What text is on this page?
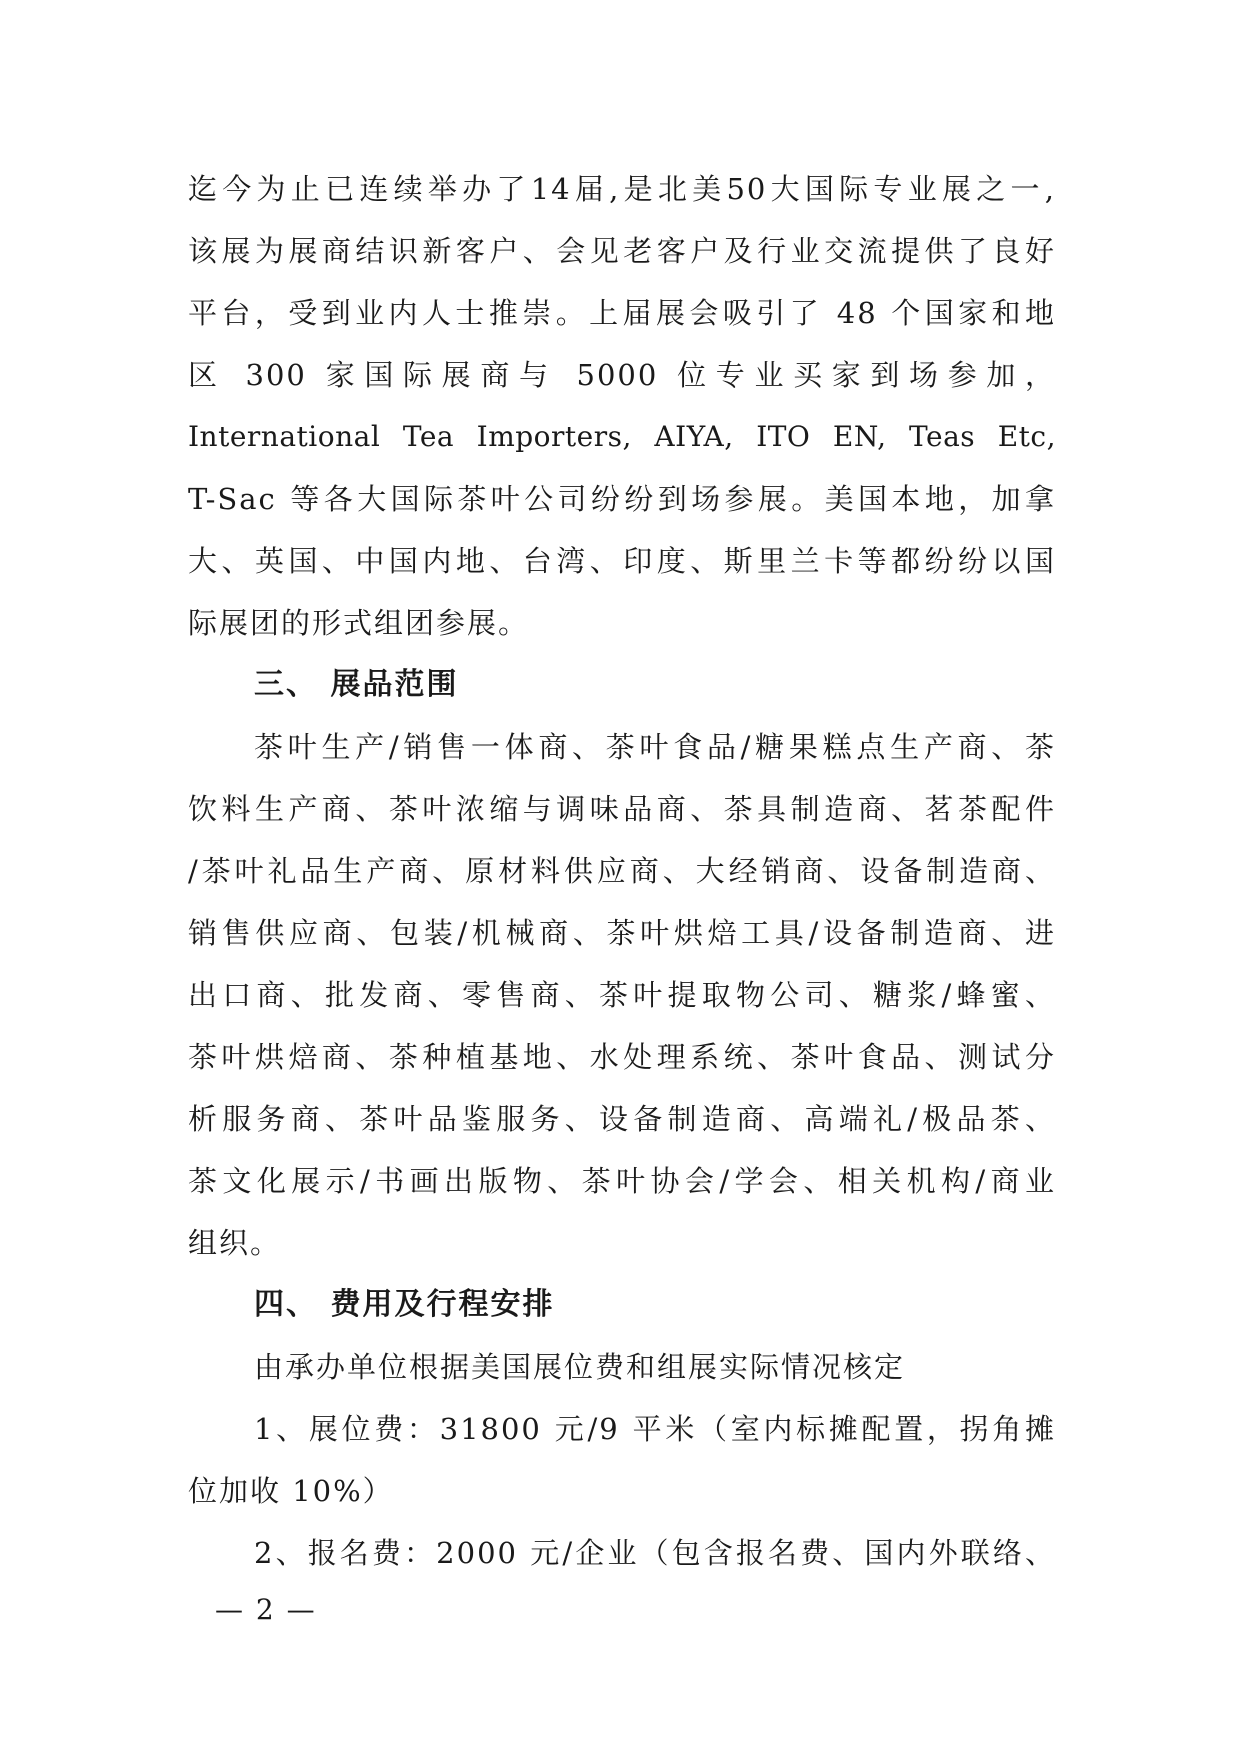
迄今为止已连续举办了14届,是北美50大国际专业展之一,
该展为展商结识新客户、会见老客户及行业交流提供了良好
平台，受到业内人士推崇。上届展会吸引了 48 个国家和地
区 300 家国际展商与 5000 位专业买家到场参加，
International Tea Importers, AIYA, ITO EN, Teas Etc,
T-Sac 等各大国际茶叶公司纷纷到场参展。美国本地，加拿
大、英国、中国内地、台湾、印度、斯里兰卡等都纷纷以国
际展团的形式组团参展。
三、 展品范围
茶叶生产/销售一体商、茶叶食品/糖果糕点生产商、茶
饮料生产商、茶叶浓缩与调味品商、茶具制造商、茗茶配件
/茶叶礼品生产商、原材料供应商、大经销商、设备制造商、
销售供应商、包装/机械商、茶叶烘焙工具/设备制造商、进
出口商、批发商、零售商、茶叶提取物公司、糖浆/蜂蜜、
茶叶烘焙商、茶种植基地、水处理系统、茶叶食品、测试分
析服务商、茶叶品鉴服务、设备制造商、高端礼/极品茶、
茶文化展示/书画出版物、茶叶协会/学会、相关机构/商业
组织。
四、 费用及行程安排
由承办单位根据美国展位费和组展实际情况核定
1、展位费：31800 元/9 平米（室内标摊配置，拐角摊
位加收 10%）
2、报名费：2000 元/企业（包含报名费、国内外联络、
— 2 —
